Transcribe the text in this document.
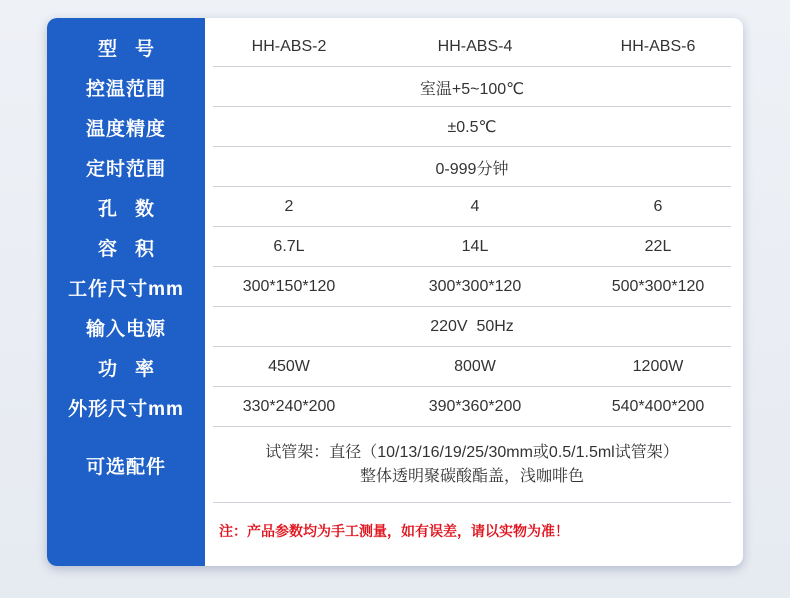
型号	HH-ABS-2	HH-ABS-4	HH-ABS-6
控温范围	室温+5~100℃
温度精度	±0.5℃
定时范围	0-999分钟
孔数	2	4	6
容积	6.7L	14L	22L
工作尺寸mm	300*150*120	300*300*120	500*300*120
输入电源	220V  50Hz
功率	450W	800W	1200W
外形尺寸mm	330*240*200	390*360*200	540*400*200
可选配件
试管架：直径（10/13/16/19/25/30mm或0.5/1.5ml试管架）
整体透明聚碳酸酯盖，浅咖啡色
注：产品参数均为手工测量，如有误差，请以实物为准！
